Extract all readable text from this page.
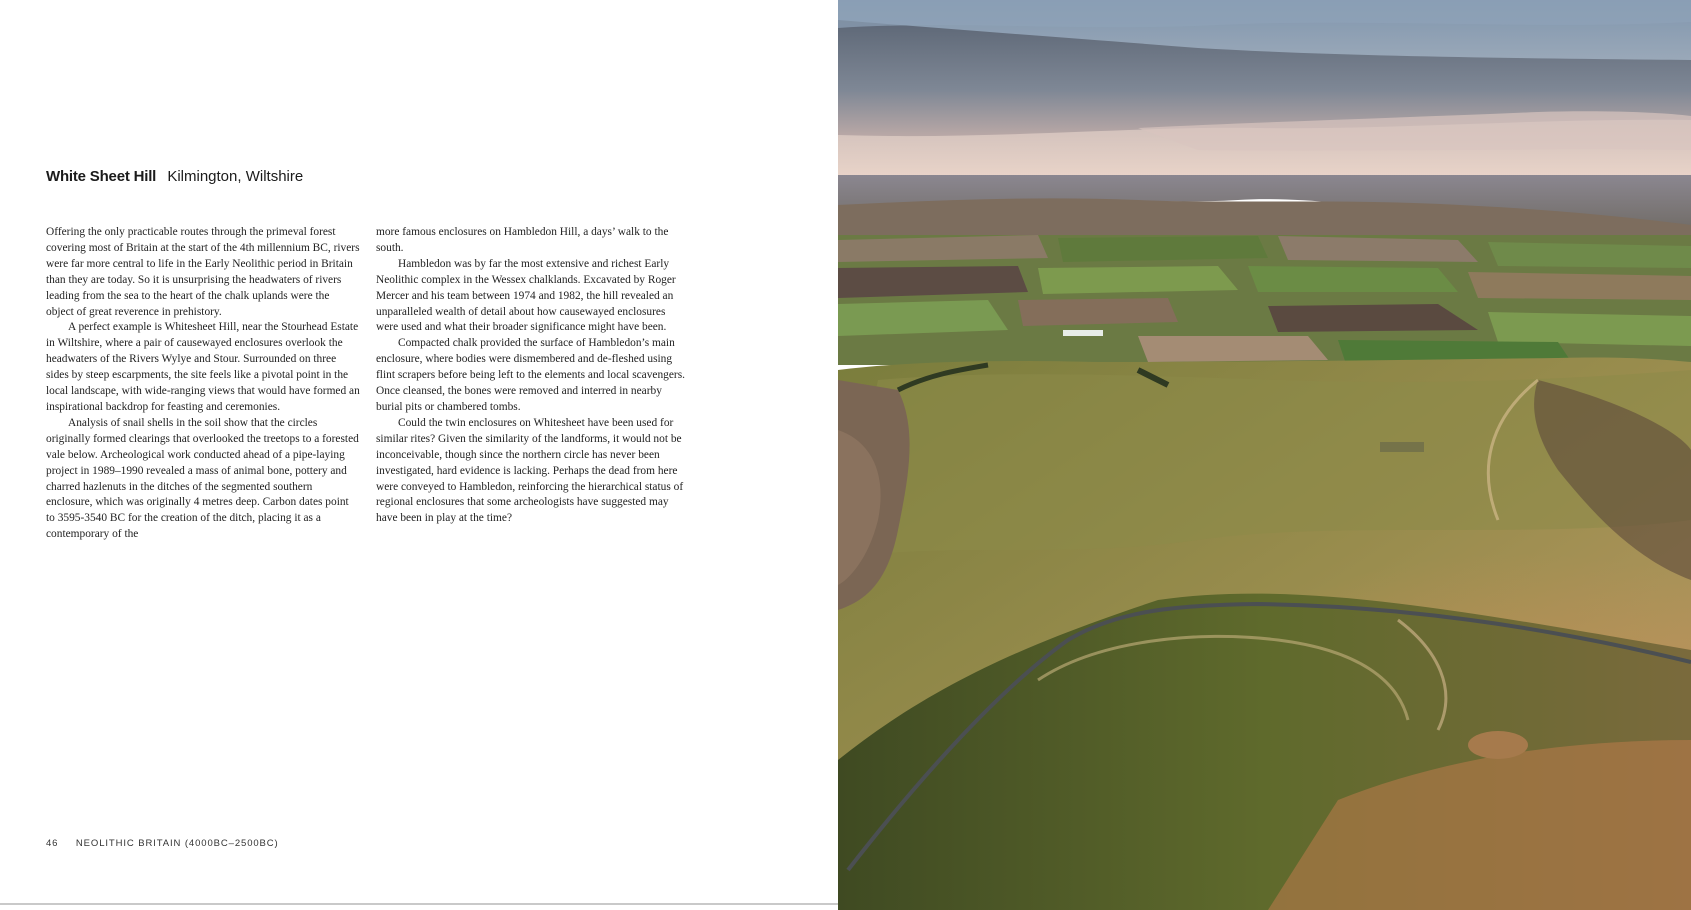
White Sheet Hill Kilmington, Wiltshire

Offering the only practicable routes through the primeval forest covering most of Britain at the start of the 4th millennium BC, rivers were far more central to life in the Early Neolithic period in Britain than they are today. So it is unsurprising the headwaters of rivers leading from the sea to the heart of the chalk uplands were the object of great reverence in prehistory.

A perfect example is Whitesheet Hill, near the Stourhead Estate in Wiltshire, where a pair of causewayed enclosures overlook the headwaters of the Rivers Wylye and Stour. Surrounded on three sides by steep escarpments, the site feels like a pivotal point in the local landscape, with wide-ranging views that would have formed an inspirational backdrop for feasting and ceremonies.

Analysis of snail shells in the soil show that the circles originally formed clearings that overlooked the treetops to a forested vale below. Archeological work conducted ahead of a pipe-laying project in 1989–1990 revealed a mass of animal bone, pottery and charred hazlenuts in the ditches of the segmented southern enclosure, which was originally 4 metres deep. Carbon dates point to 3595-3540 BC for the creation of the ditch, placing it as a contemporary of the

more famous enclosures on Hambledon Hill, a days’ walk to the south.

Hambledon was by far the most extensive and richest Early Neolithic complex in the Wessex chalklands. Excavated by Roger Mercer and his team between 1974 and 1982, the hill revealed an unparalleled wealth of detail about how causewayed enclosures were used and what their broader significance might have been.

Compacted chalk provided the surface of Hambledon’s main enclosure, where bodies were dismembered and de-fleshed using flint scrapers before being left to the elements and local scavengers. Once cleansed, the bones were removed and interred in nearby burial pits or chambered tombs.

Could the twin enclosures on Whitesheet have been used for similar rites? Given the similarity of the landforms, it would not be inconceivable, though since the northern circle has never been investigated, hard evidence is lacking. Perhaps the dead from here were conveyed to Hambledon, reinforcing the hierarchical status of regional enclosures that some archeologists have suggested may have been in play at the time?

46 NEOLITHIC BRITAIN (4000BC–2500BC)
